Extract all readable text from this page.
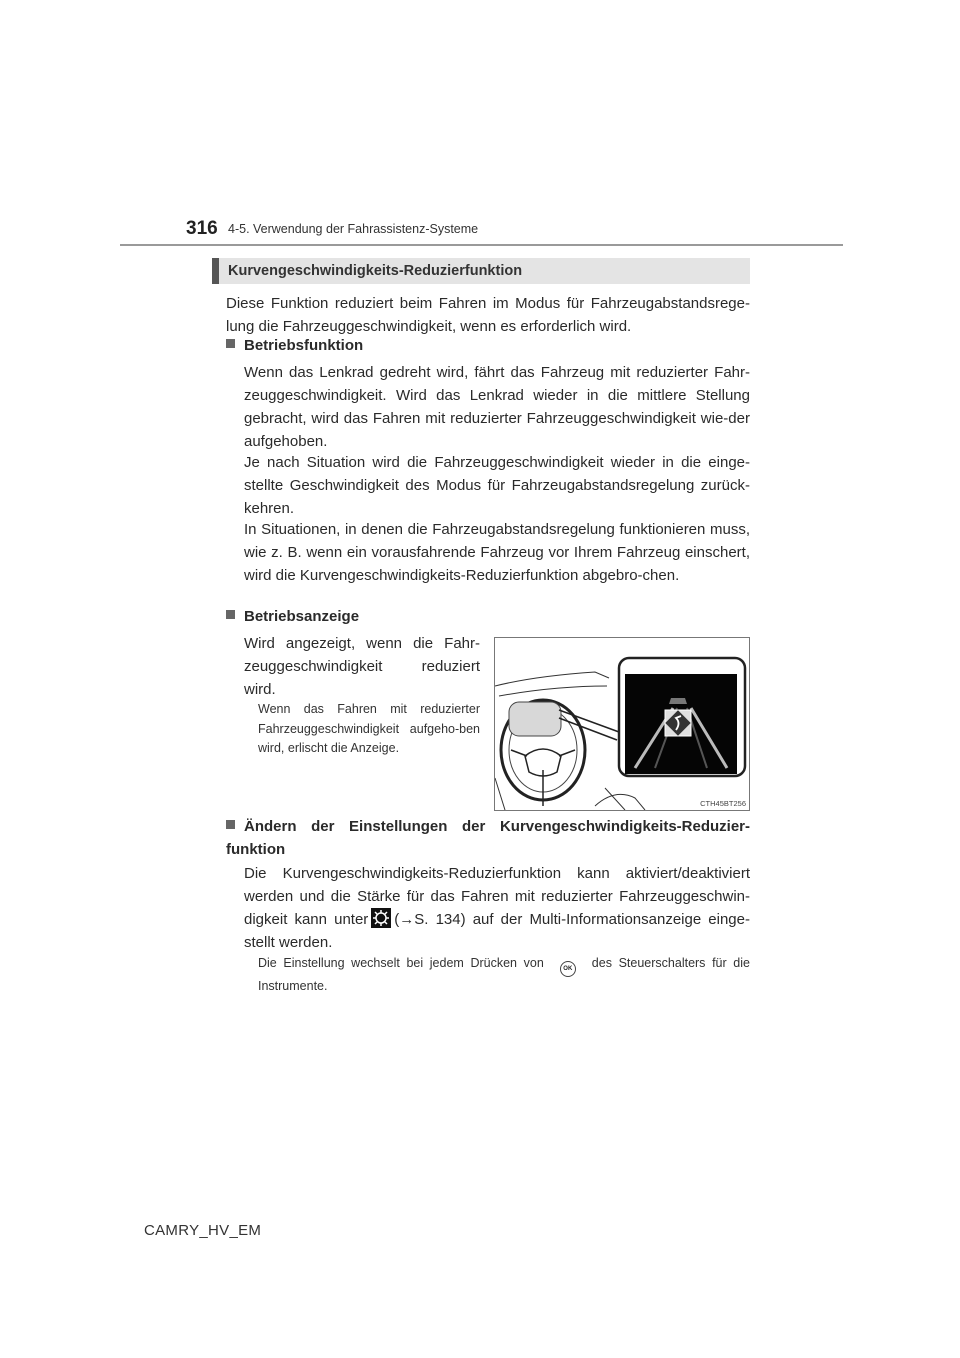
316 4-5. Verwendung der Fahrassistenz-Systeme
Kurvengeschwindigkeits-Reduzierfunktion
Diese Funktion reduziert beim Fahren im Modus für Fahrzeugabstandsrege-lung die Fahrzeuggeschwindigkeit, wenn es erforderlich wird.
Betriebsfunktion
Wenn das Lenkrad gedreht wird, fährt das Fahrzeug mit reduzierter Fahr-zeuggeschwindigkeit. Wird das Lenkrad wieder in die mittlere Stellung gebracht, wird das Fahren mit reduzierter Fahrzeuggeschwindigkeit wie-der aufgehoben.
Je nach Situation wird die Fahrzeuggeschwindigkeit wieder in die einge-stellte Geschwindigkeit des Modus für Fahrzeugabstandsregelung zurück-kehren.
In Situationen, in denen die Fahrzeugabstandsregelung funktionieren muss, wie z. B. wenn ein vorausfahrende Fahrzeug vor Ihrem Fahrzeug einschert, wird die Kurvengeschwindigkeits-Reduzierfunktion abgebro-chen.
Betriebsanzeige
Wird angezeigt, wenn die Fahr-zeuggeschwindigkeit reduziert wird.
Wenn das Fahren mit reduzierter Fahrzeuggeschwindigkeit aufgeho-ben wird, erlischt die Anzeige.
CTH45BT256
Ändern der Einstellungen der Kurvengeschwindigkeits-Reduzier-funktion
Die Kurvengeschwindigkeits-Reduzierfunktion kann aktiviert/deaktiviert werden und die Stärke für das Fahren mit reduzierter Fahrzeuggeschwin-digkeit kann unter (→S. 134) auf der Multi-Informationsanzeige einge-stellt werden.
Die Einstellung wechselt bei jedem Drücken von	OK des Steuerschalters für die Instrumente.
CAMRY_HV_EM
